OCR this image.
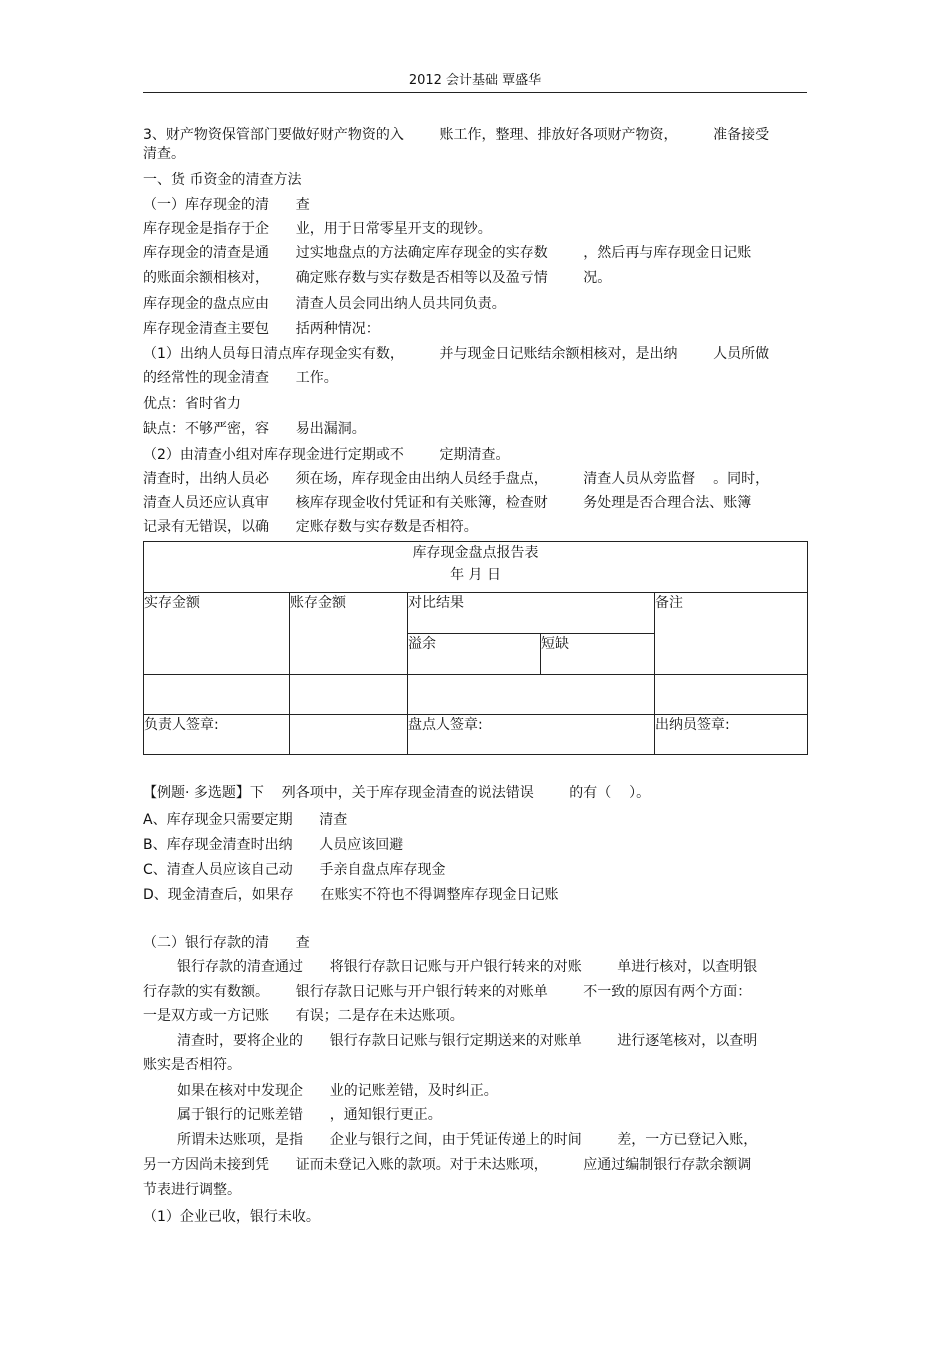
2012 会计基础 覃盛华
3、财产物资保管部门要做好财产物资的入        账工作，整理、排放好各项财产物资，        准备接受
清查。
一、货 币资金的清查方法
（一）库存现金的清      查
库存现金是指存于企      业，用于日常零星开支的现钞。
库存现金的清查是通      过实地盘点的方法确定库存现金的实存数        ，然后再与库存现金日记账
的账面余额相核对，      确定账存数与实存数是否相等以及盈亏情        况。
库存现金的盘点应由      清查人员会同出纳人员共同负责。
库存现金清查主要包      括两种情况：
（1）出纳人员每日清点库存现金实有数，        并与现金日记账结余额相核对，是出纳        人员所做
的经常性的现金清查      工作。
优点：省时省力
缺点：不够严密，容      易出漏洞。
（2）由清查小组对库存现金进行定期或不        定期清查。
清查时，出纳人员必      须在场，库存现金由出纳人员经手盘点，        清查人员从旁监督    。同时，
清查人员还应认真审      核库存现金收付凭证和有关账簿，检查财        务处理是否合理合法、账簿
记录有无错误，以确      定账存数与实存数是否相符。
库存现金盘点报告表
年 月 日				

实存金额	账存金额	对比结果		备注
		溢余	短缺	

负责人签章:		盘点人签章:		出纳员签章:
【例题· 多选题】下    列各项中，关于库存现金清查的说法错误        的有（    ）。
A、库存现金只需要定期      清查
B、库存现金清查时出纳      人员应该回避
C、清查人员应该自己动      手亲自盘点库存现金
D、现金清查后，如果存      在账实不符也不得调整库存现金日记账
（二）银行存款的清      查
银行存款的清查通过      将银行存款日记账与开户银行转来的对账        单进行核对，以查明银
行存款的实有数额。      银行存款日记账与开户银行转来的对账单        不一致的原因有两个方面：
一是双方或一方记账      有误；二是存在未达账项。
清查时，要将企业的      银行存款日记账与银行定期送来的对账单        进行逐笔核对，以查明
账实是否相符。
如果在核对中发现企      业的记账差错，及时纠正。
属于银行的记账差错      ，通知银行更正。
所谓未达账项，是指      企业与银行之间，由于凭证传递上的时间        差，一方已登记入账，
另一方因尚未接到凭      证而未登记入账的款项。对于未达账项，        应通过编制银行存款余额调
节表进行调整。
（1）企业已收，银行未收。
